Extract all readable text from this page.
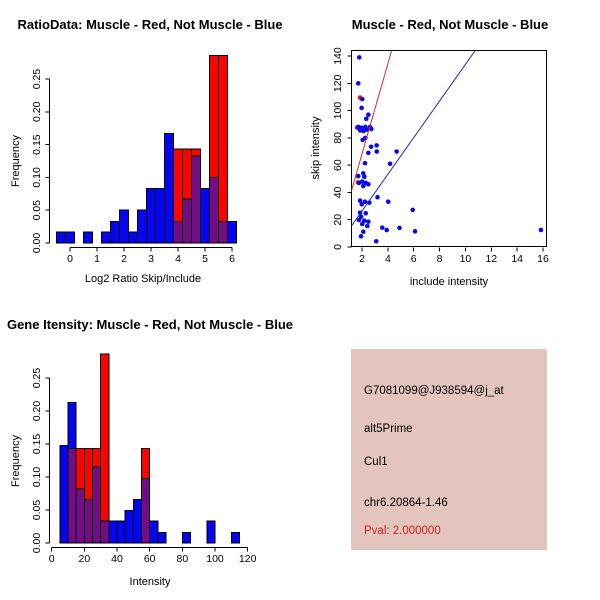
RatioData: Muscle - Red, Not Muscle - Blue
0 1 2 3 4 5 6
0.00
0.05
0.10
0.15
0.20
0.25
Log2 Ratio Skip/Include
Frequency
Muscle - Red, Not Muscle - Blue
2 4 6 8 10 12 14 16
0
20
40
60
80
100
120
140
include intensity
skip intensity
Gene Itensity: Muscle - Red, Not Muscle - Blue
0 20 40 60 80 100 120
0.00
0.05
0.10
0.15
0.20
0.25
Intensity
Frequency
G7081099@J938594@j_at
alt5Prime
Cul1
chr6.20864-1.46
Pval: 2.000000
